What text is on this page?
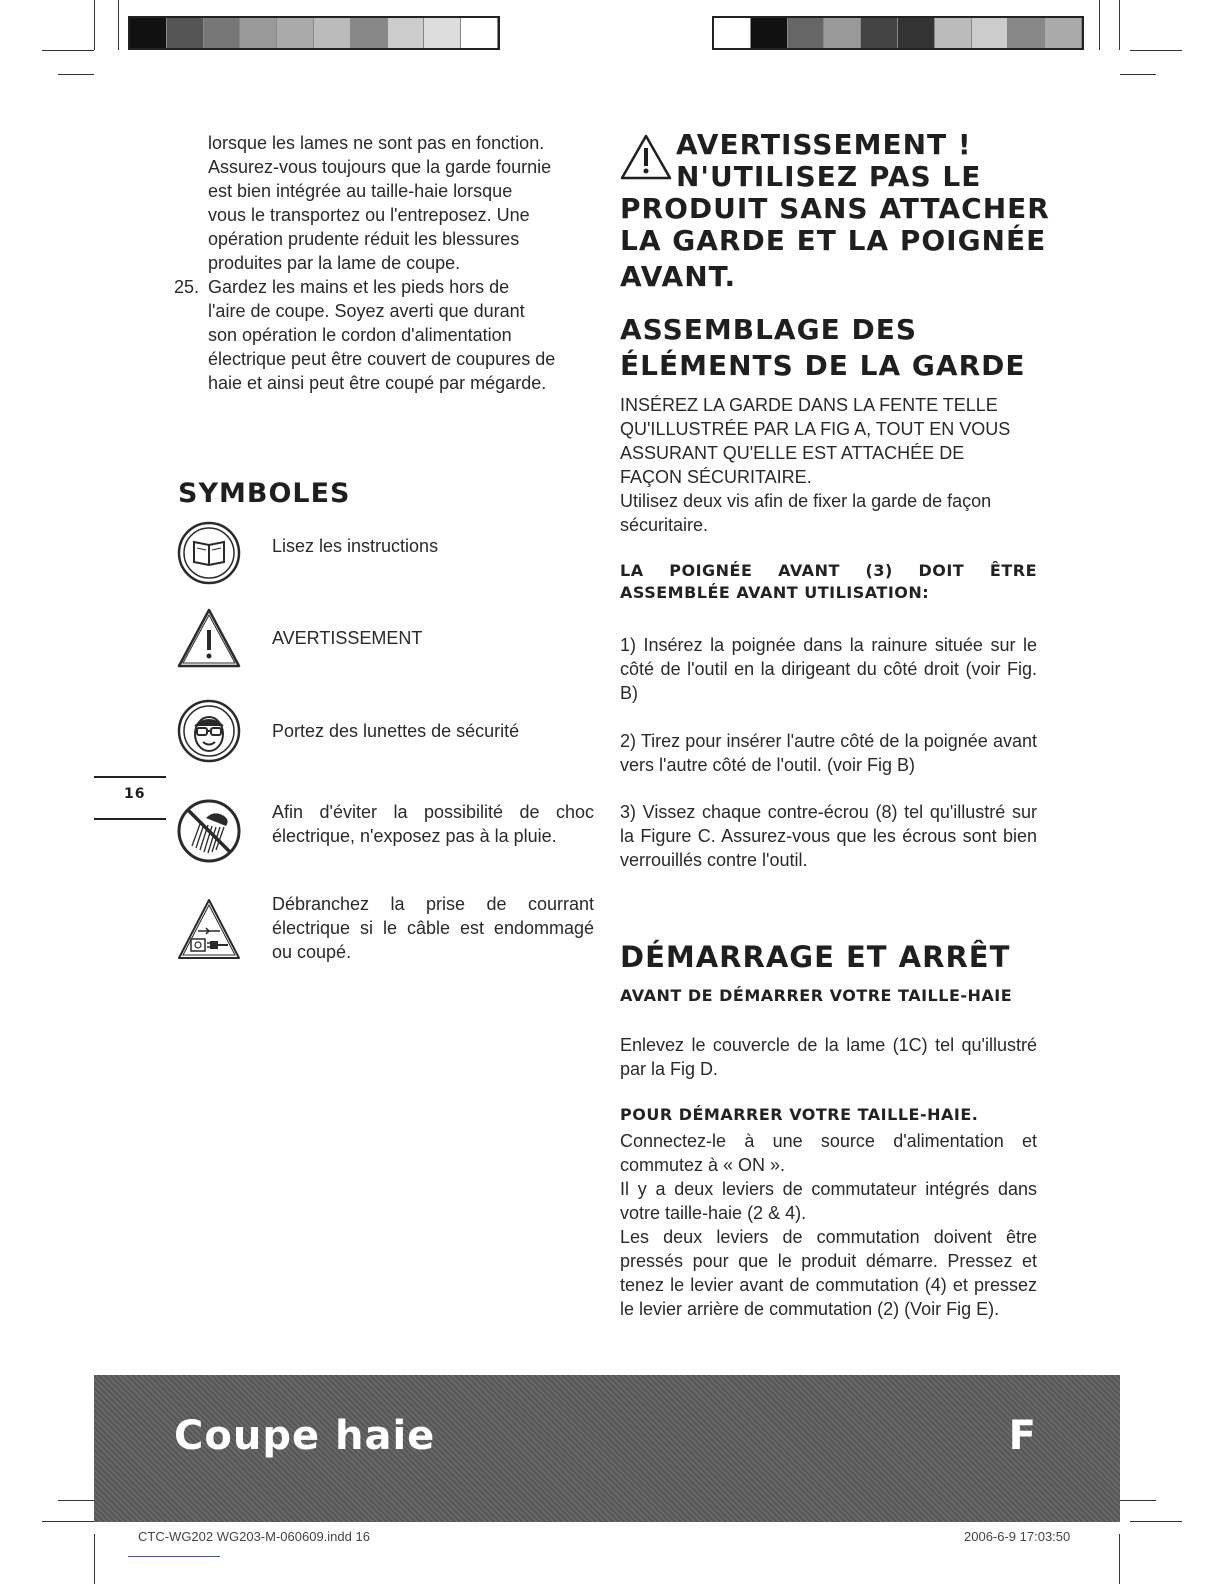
lorsque les lames ne sont pas en fonction.

Assurez-vous toujours que la garde fournie

est bien intégrée au taille-haie lorsque

vous le transportez ou l'entreposez. Une

opération prudente réduit les blessures

produites par la lame de coupe.

25. Gardez les mains et les pieds hors de

l'aire de coupe. Soyez averti que durant

son opération le cordon d'alimentation

électrique peut être couvert de coupures de

haie et ainsi peut être coupé par mégarde.

SYMBOLES
Lisez les instructions
AVERTISSEMENT
Portez des lunettes de sécurité
Afin d'éviter la possibilité de choc électrique, n'exposez pas à la pluie.
Débranchez la prise de courrant électrique si le câble est endommagé ou coupé.
16
AVERTISSEMENT !
N'UTILISEZ PAS LE
PRODUIT SANS ATTACHER
LA GARDE ET LA POIGNÉE
AVANT.
ASSEMBLAGE DES
ÉLÉMENTS DE LA GARDE

INSÉREZ LA GARDE DANS LA FENTE TELLE

QU'ILLUSTRÉE PAR LA FIG A, TOUT EN VOUS

ASSURANT QU'ELLE EST ATTACHÉE DE

FAÇON SÉCURITAIRE.

Utilisez deux vis afin de fixer la garde de façon sécuritaire.

LA POIGNÉE AVANT (3) DOIT ÊTRE ASSEMBLÉE AVANT UTILISATION:
1) Insérez la poignée dans la rainure située sur le côté de l'outil en la dirigeant du côté droit (voir Fig. B)
2) Tirez pour insérer l'autre côté de la poignée avant vers l'autre côté de l'outil. (voir Fig B)
3) Vissez chaque contre-écrou (8) tel qu'illustré sur la Figure C. Assurez-vous que les écrous sont bien verrouillés contre l'outil.
DÉMARRAGE ET ARRÊT
AVANT DE DÉMARRER VOTRE TAILLE-HAIE
Enlevez le couvercle de la lame (1C) tel qu'illustré par la Fig D.
POUR DÉMARRER VOTRE TAILLE-HAIE.

Connectez-le à une source d'alimentation et commutez à « ON ».

Il y a deux leviers de commutateur intégrés dans votre taille-haie (2 & 4).

Les deux leviers de commutation doivent être pressés pour que le produit démarre. Pressez et tenez le levier avant de commutation (4) et pressez le levier arrière de commutation (2) (Voir Fig E).

Coupe haie	F
CTC-WG202 WG203-M-060609.indd 16	2006-6-9 17:03:50
